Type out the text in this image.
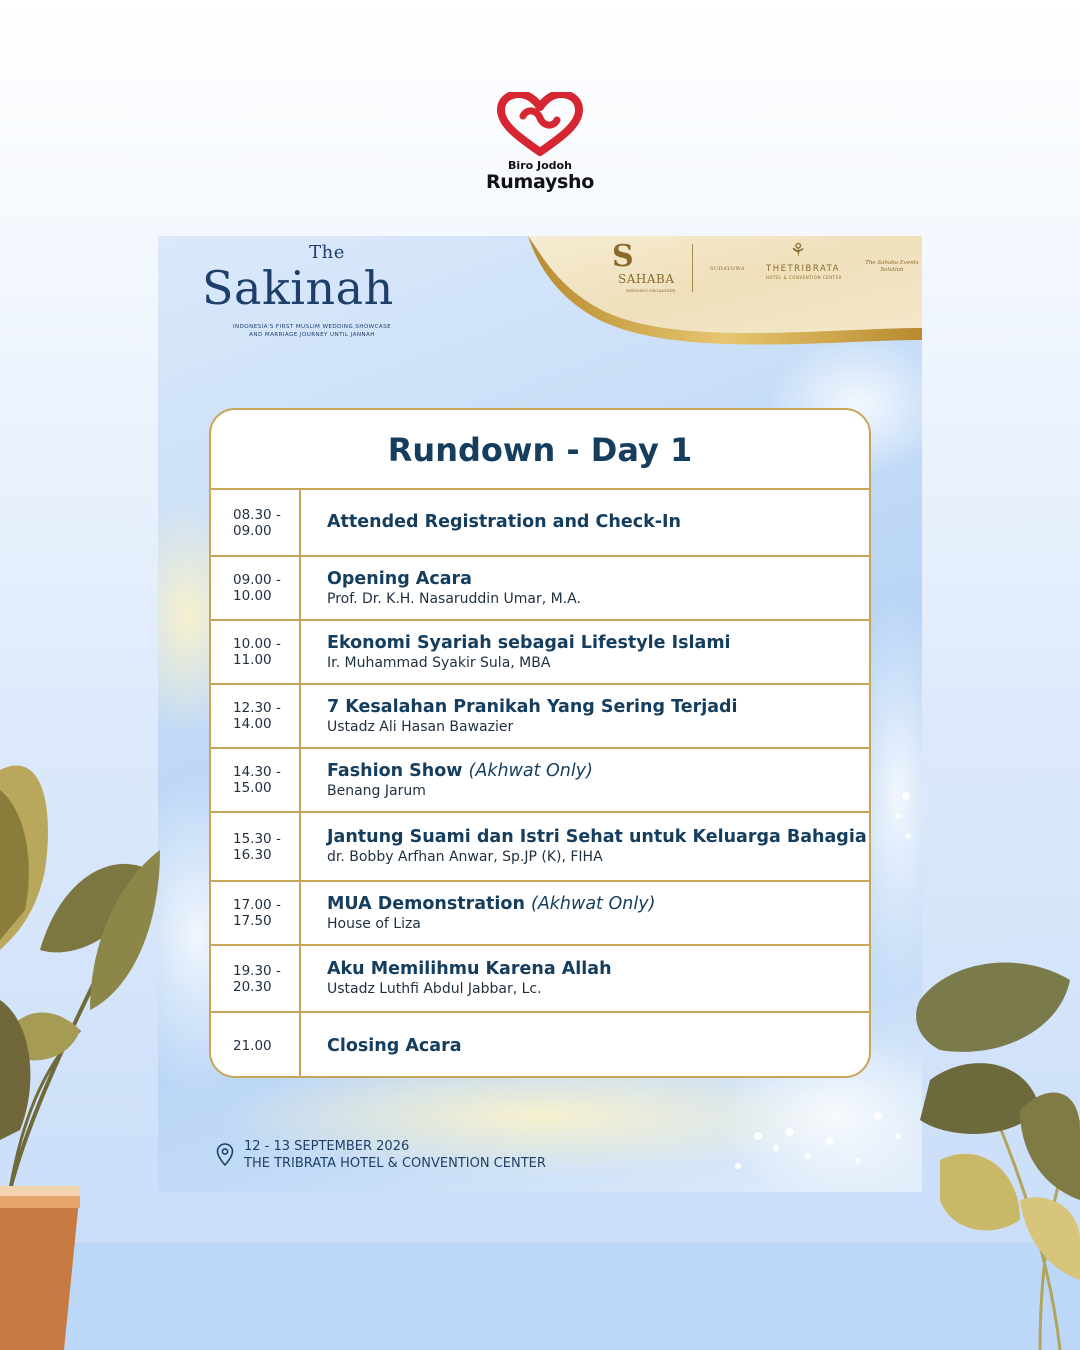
Biro Jodoh
Rumaysho
The
Sakinah
INDONESIA'S FIRST MUSLIM WEDDING SHOWCASE
AND MARRIAGE JOURNEY UNTIL JANNAH
S
SAHABA
WEDDING ORGANIZER
SUDAYOWA
⚘
THETRIBRATA
HOTEL & CONVENTION CENTER
The Sahaba Events Solution
Rundown - Day 1
08.30 -
09.00	Attended Registration and Check-In
09.00 -
10.00
Opening Acara
Prof. Dr. K.H. Nasaruddin Umar, M.A.
10.00 -
11.00
Ekonomi Syariah sebagai Lifestyle Islami
Ir. Muhammad Syakir Sula, MBA
12.30 -
14.00
7 Kesalahan Pranikah Yang Sering Terjadi
Ustadz Ali Hasan Bawazier
14.30 -
15.00
Fashion Show (Akhwat Only)
Benang Jarum
15.30 -
16.30
Jantung Suami dan Istri Sehat untuk Keluarga Bahagia
dr. Bobby Arfhan Anwar, Sp.JP (K), FIHA
17.00 -
17.50
MUA Demonstration (Akhwat Only)
House of Liza
19.30 -
20.30
Aku Memilihmu Karena Allah
Ustadz Luthfi Abdul Jabbar, Lc.
21.00	Closing Acara
12 - 13 SEPTEMBER 2026
THE TRIBRATA HOTEL & CONVENTION CENTER
